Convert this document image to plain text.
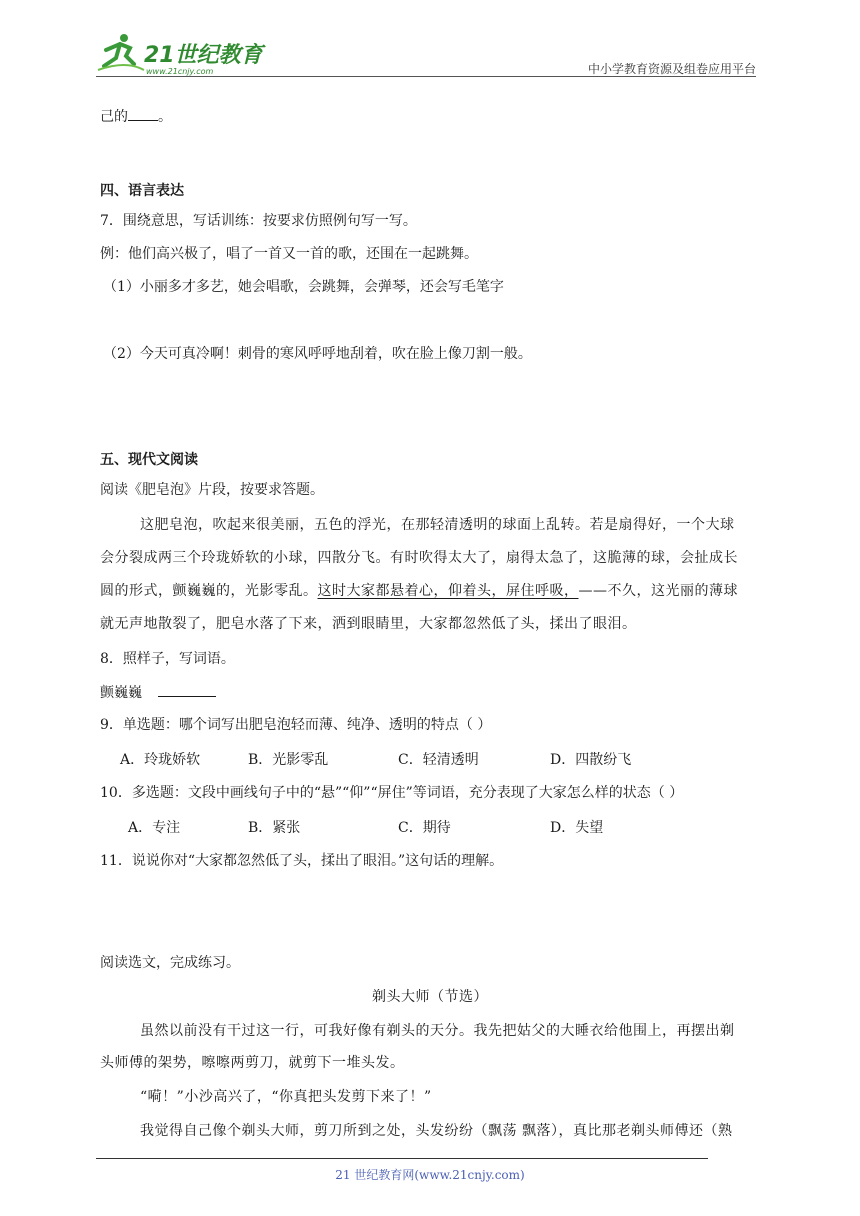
21世纪教育
www.21cnjy.com	中小学教育资源及组卷应用平台
己的 。
四、语言表达
7．围绕意思，写话训练：按要求仿照例句写一写。
例：他们高兴极了，唱了一首又一首的歌，还围在一起跳舞。
（1）小丽多才多艺，她会唱歌，会跳舞，会弹琴，还会写毛笔字
（2）今天可真冷啊！刺骨的寒风呼呼地刮着，吹在脸上像刀割一般。
五、现代文阅读
阅读《肥皂泡》片段，按要求答题。
这肥皂泡，吹起来很美丽，五色的浮光，在那轻清透明的球面上乱转。若是扇得好，一个大球
会分裂成两三个玲珑娇软的小球，四散分飞。有时吹得太大了，扇得太急了，这脆薄的球，会扯成长
圆的形式，颤巍巍的，光影零乱。这时大家都悬着心，仰着头，屏住呼吸，——不久，这光丽的薄球
就无声地散裂了，肥皂水落了下来，洒到眼睛里，大家都忽然低了头，揉出了眼泪。
8．照样子，写词语。
颤巍巍
9．单选题：哪个词写出肥皂泡轻而薄、纯净、透明的特点（ ）
A．玲珑娇软	B．光影零乱	C．轻清透明	D．四散纷飞
10．多选题：文段中画线句子中的“悬”“仰”“屏住”等词语，充分表现了大家怎么样的状态（ ）
A．专注	B．紧张	C．期待	D．失望
11．说说你对“大家都忽然低了头，揉出了眼泪。”这句话的理解。
阅读选文，完成练习。
剃头大师（节选）
虽然以前没有干过这一行，可我好像有剃头的天分。我先把姑父的大睡衣给他围上，再摆出剃
头师傅的架势，嚓嚓两剪刀，就剪下一堆头发。
“嗬！”小沙高兴了，“你真把头发剪下来了！”
我觉得自己像个剃头大师，剪刀所到之处，头发纷纷（飘荡 飘落），真比那老剃头师傅还（熟
21 世纪教育网(www.21cnjy.com)
